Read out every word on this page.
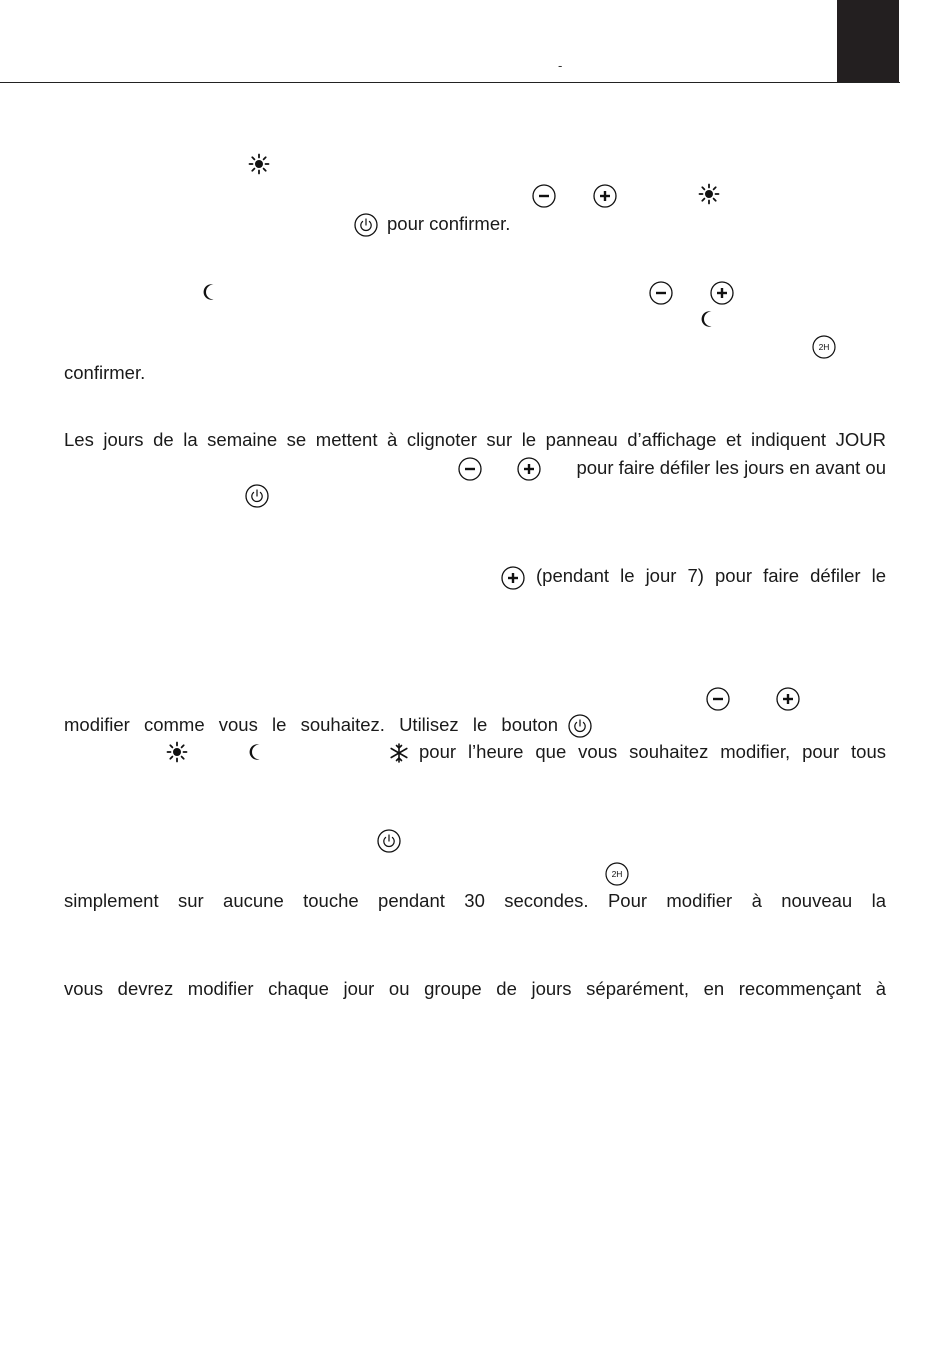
-
pour confirmer.
2H
confirmer.
Les jours de la semaine se mettent à clignoter sur le panneau d’affichage et indiquent JOUR
pour faire défiler les jours en avant ou
(pendant le jour 7) pour faire défiler le
modifier comme vous le souhaitez. Utilisez le bouton
pour l’heure que vous souhaitez modifier, pour tous
2H
simplement sur aucune touche pendant 30 secondes. Pour modifier à nouveau la
vous devrez modifier chaque jour ou groupe de jours séparément, en recommençant à
